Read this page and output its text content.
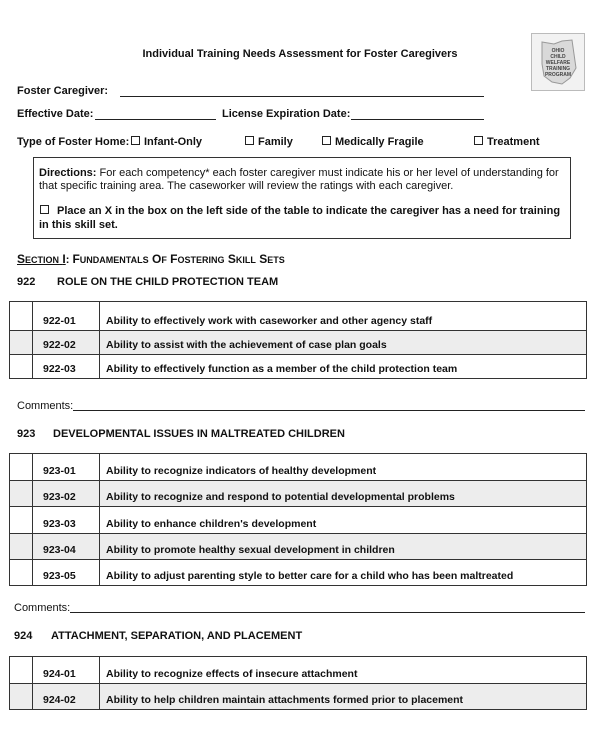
Individual Training Needs Assessment for Foster Caregivers	OHIO
CHILD
WELFARE
TRAINING
PROGRAM
Foster Caregiver:
Effective Date:	License Expiration Date:
Type of Foster Home:	Infant-Only	Family	Medically Fragile	Treatment
Directions: For each competency* each foster caregiver must indicate his or her level of understanding for that specific training area. The caseworker will review the ratings with each caregiver.
Place an X in the box on the left side of the table to indicate the caregiver has a need for training in this skill set.
SECTION I: FUNDAMENTALS OF FOSTERING SKILL SETS
922 ROLE ON THE CHILD PROTECTION TEAM
	922-01	Ability to effectively work with caseworker and other agency staff
	922-02	Ability to assist with the achievement of case plan goals
	922-03	Ability to effectively function as a member of the child protection team
Comments:
923 DEVELOPMENTAL ISSUES IN MALTREATED CHILDREN
	923-01	Ability to recognize indicators of healthy development
	923-02	Ability to recognize and respond to potential developmental problems
	923-03	Ability to enhance children's development
	923-04	Ability to promote healthy sexual development in children
	923-05	Ability to adjust parenting style to better care for a child who has been maltreated
Comments:
924 ATTACHMENT, SEPARATION, AND PLACEMENT
	924-01	Ability to recognize effects of insecure attachment
	924-02	Ability to help children maintain attachments formed prior to placement
